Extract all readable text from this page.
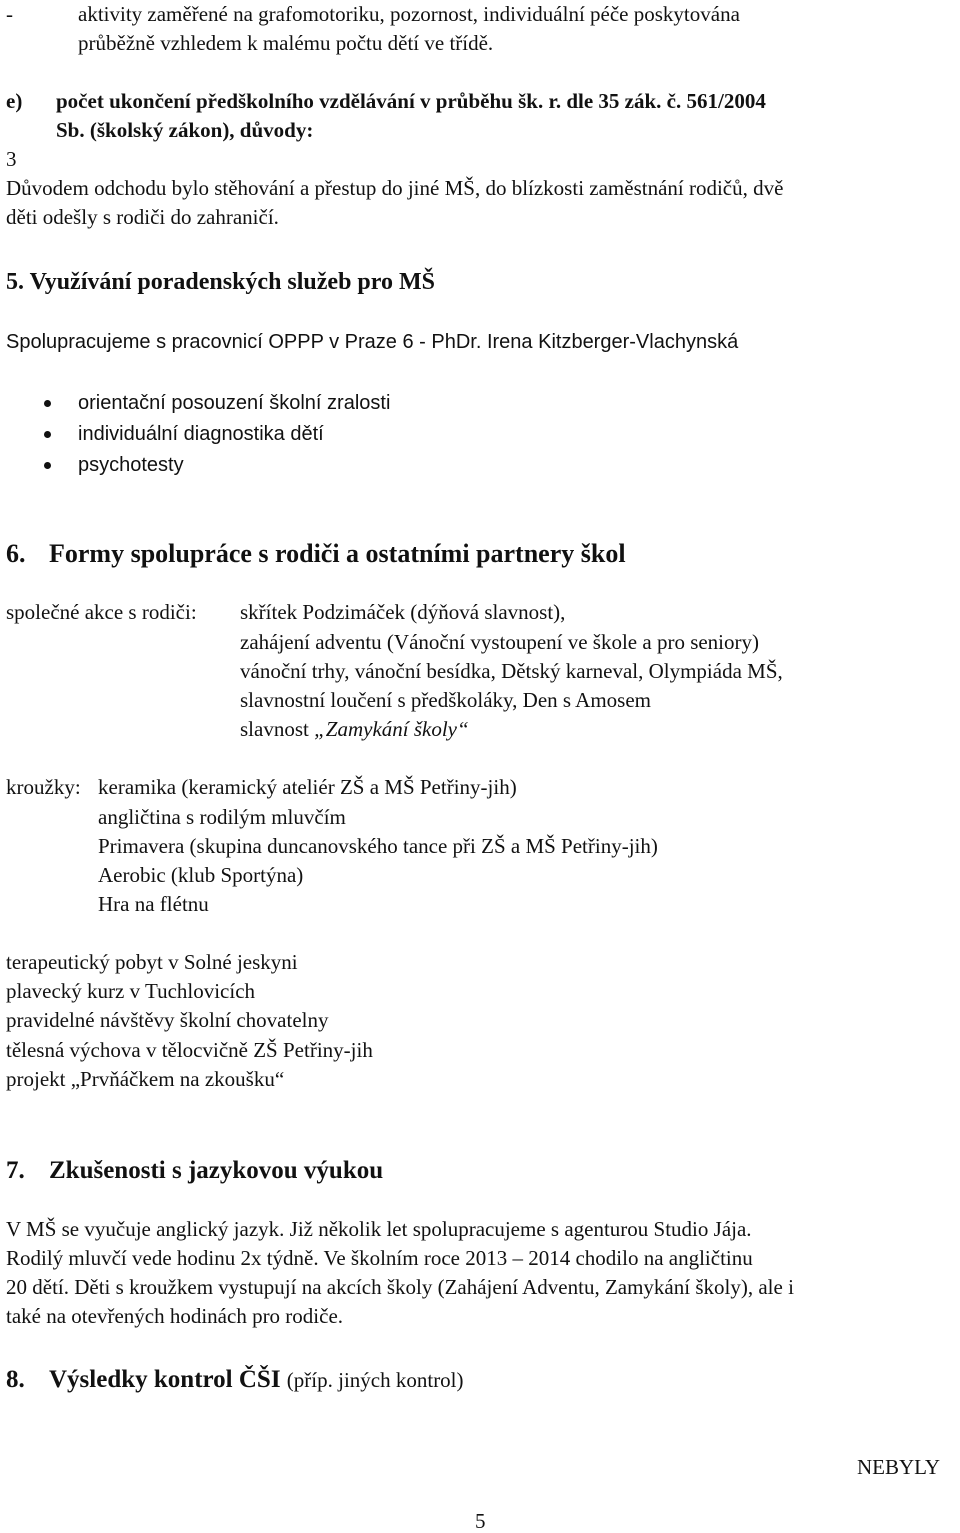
-	aktivity zaměřené na grafomotoriku, pozornost, individuální péče poskytována
průběžně vzhledem k malému počtu dětí ve třídě.
e) počet ukončení předškolního vzdělávání v průběhu šk. r. dle 35 zák. č. 561/2004
Sb. (školský zákon), důvody:
3
Důvodem odchodu bylo stěhování a přestup do jiné MŠ, do blízkosti zaměstnání rodičů, dvě
děti odešly s rodiči do zahraničí.
5. Využívání poradenských služeb pro MŠ
Spolupracujeme s pracovnicí OPPP v Praze 6 - PhDr. Irena Kitzberger-Vlachynská
orientační posouzení školní zralosti
individuální diagnostika dětí
psychotesty
6. Formy spolupráce s rodiči a ostatními partnery škol
společné akce s rodiči: skřítek Podzimáček (dýňová slavnost),
zahájení adventu (Vánoční vystoupení ve škole a pro seniory)
vánoční trhy, vánoční besídka, Dětský karneval, Olympiáda MŠ,
slavnostní loučení s předškoláky, Den s Amosem
slavnost „Zamykání školy“
kroužky: keramika (keramický ateliér ZŠ a MŠ Petřiny-jih)
angličtina s rodilým mluvčím
Primavera (skupina duncanovského tance při ZŠ a MŠ Petřiny-jih)
Aerobic (klub Sportýna)
Hra na flétnu
terapeutický pobyt v Solné jeskyni
plavecký kurz v Tuchlovicích
pravidelné návštěvy školní chovatelny
tělesná výchova v tělocvičně ZŠ Petřiny-jih
projekt „Prvňáčkem na zkoušku“
7. Zkušenosti s jazykovou výukou
V MŠ se vyučuje anglický jazyk. Již několik let spolupracujeme s agenturou Studio Jája.
Rodilý mluvčí vede hodinu 2x týdně. Ve školním roce 2013 – 2014 chodilo na angličtinu
20 dětí. Děti s kroužkem vystupují na akcích školy (Zahájení Adventu, Zamykání školy), ale i
také na otevřených hodinách pro rodiče.
8. Výsledky kontrol ČŠI (příp. jiných kontrol)
NEBYLY
5
